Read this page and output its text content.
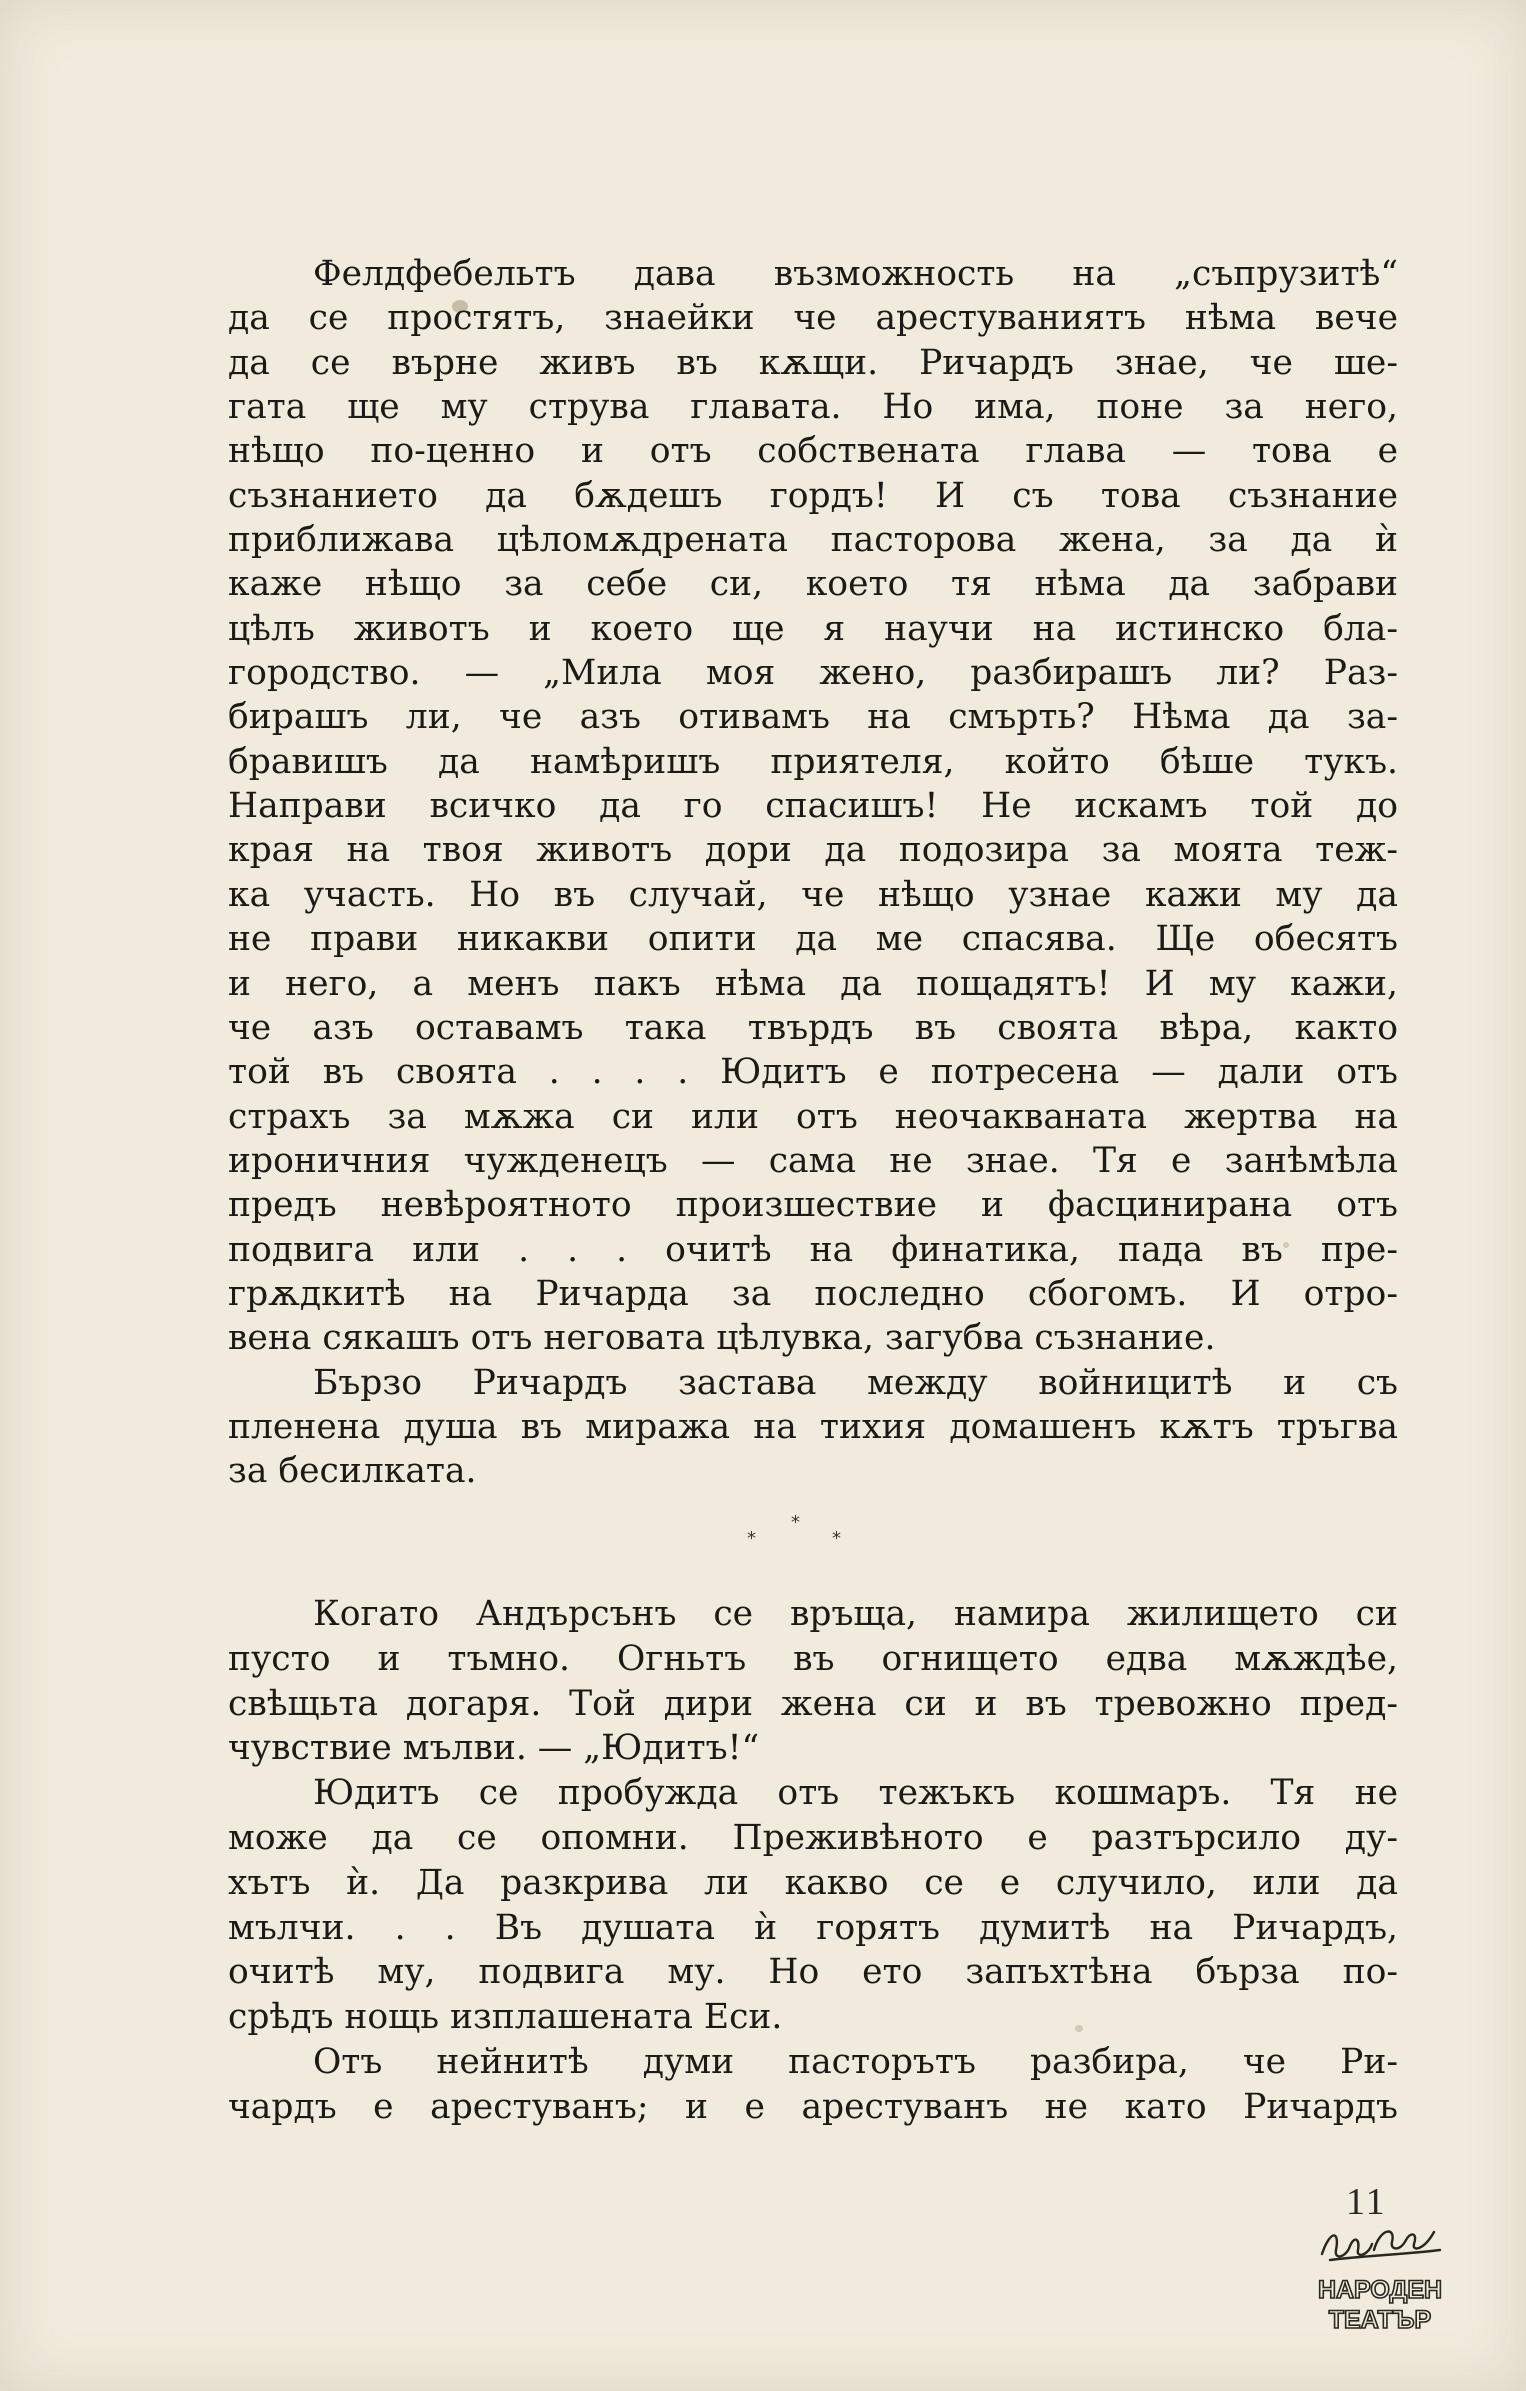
Фелдфебельтъ дава възможность на „съпрузитѣ“
да се простятъ, знаейки че арестуваниятъ нѣма вече
да се върне живъ въ кѫщи. Ричардъ знае, че ше-
гата ще му струва главата. Но има, поне за него,
нѣщо по-ценно и отъ собствената глава — това е
съзнанието да бѫдешъ гордъ! И съ това съзнание
приближава цѣломѫдрената пасторова жена, за да ѝ
каже нѣщо за себе си, което тя нѣма да забрави
цѣлъ животъ и което ще я научи на истинско бла-
городство. — „Мила моя жено, разбирашъ ли? Раз-
бирашъ ли, че азъ отивамъ на смърть? Нѣма да за-
бравишъ да намѣришъ приятеля, който бѣше тукъ.
Направи всичко да го спасишъ! Не искамъ той до
края на твоя животъ дори да подозира за моята теж-
ка участь. Но въ случай, че нѣщо узнае кажи му да
не прави никакви опити да ме спасява. Ще обесятъ
и него, а менъ пакъ нѣма да пощадятъ! И му кажи,
че азъ оставамъ така твърдъ въ своята вѣра, както
той въ своята . . . . Юдитъ е потресена — дали отъ
страхъ за мѫжа си или отъ неочакваната жертва на
ироничния чужденецъ — сама не знае. Тя е занѣмѣла
предъ невѣроятното произшествие и фасцинирана отъ
подвига или . . . очитѣ на финатика, пада въ пре-
грѫдкитѣ на Ричарда за последно сбогомъ. И отро-
вена сякашъ отъ неговата цѣлувка, загубва съзнание.
Бързо Ричардъ застава между войницитѣ и съ
пленена душа въ миража на тихия домашенъ кѫтъ тръгва
за бесилката.
*
*	*
Когато Андърсънъ се връща, намира жилището си
пусто и тъмно. Огньтъ въ огнището едва мѫждѣе,
свѣщьта догаря. Той дири жена си и въ тревожно пред-
чувствие мълви. — „Юдитъ!“
Юдитъ се пробужда отъ тежъкъ кошмаръ. Тя не
може да се опомни. Преживѣното е разтърсило ду-
хътъ ѝ. Да разкрива ли какво се е случило, или да
мълчи. . . Въ душата ѝ горятъ думитѣ на Ричардъ,
очитѣ му, подвига му. Но ето запъхтѣна бърза по-
срѣдъ нощь изплашената Еси.
Отъ нейнитѣ думи пасторътъ разбира, че Ри-
чардъ е арестуванъ; и е арестуванъ не като Ричардъ
11
НАРОДЕН
ТЕАТЪР
